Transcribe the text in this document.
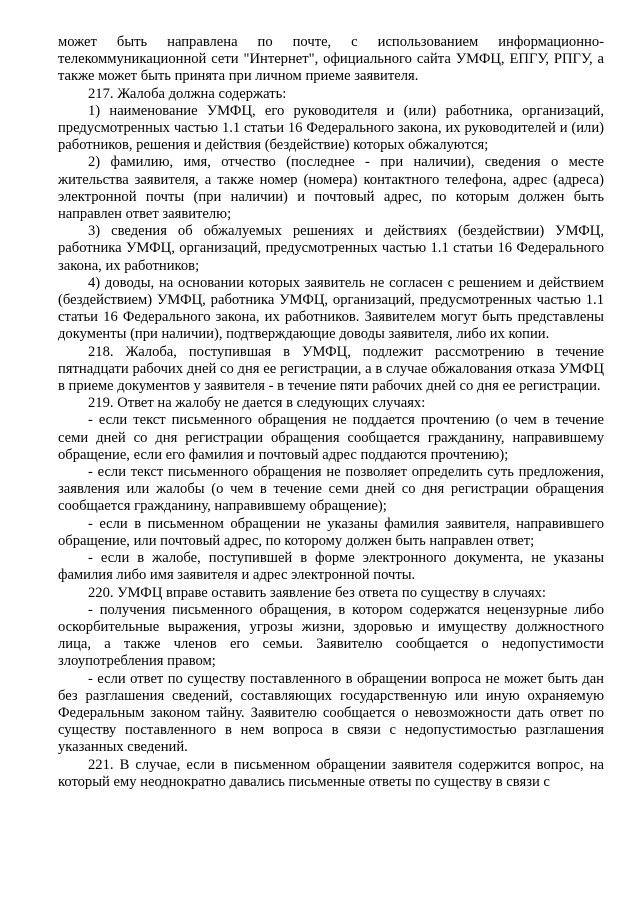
может быть направлена по почте, с использованием информационно-телекоммуникационной сети "Интернет", официального сайта УМФЦ, ЕПГУ, РПГУ, а также может быть принята при личном приеме заявителя.

217. Жалоба должна содержать:

1) наименование УМФЦ, его руководителя и (или) работника, организаций, предусмотренных частью 1.1 статьи 16 Федерального закона, их руководителей и (или) работников, решения и действия (бездействие) которых обжалуются;

2) фамилию, имя, отчество (последнее - при наличии), сведения о месте жительства заявителя, а также номер (номера) контактного телефона, адрес (адреса) электронной почты (при наличии) и почтовый адрес, по которым должен быть направлен ответ заявителю;

3) сведения об обжалуемых решениях и действиях (бездействии) УМФЦ, работника УМФЦ, организаций, предусмотренных частью 1.1 статьи 16 Федерального закона, их работников;

4) доводы, на основании которых заявитель не согласен с решением и действием (бездействием) УМФЦ, работника УМФЦ, организаций, предусмотренных частью 1.1 статьи 16 Федерального закона, их работников. Заявителем могут быть представлены документы (при наличии), подтверждающие доводы заявителя, либо их копии.

218. Жалоба, поступившая в УМФЦ, подлежит рассмотрению в течение пятнадцати рабочих дней со дня ее регистрации, а в случае обжалования отказа УМФЦ в приеме документов у заявителя - в течение пяти рабочих дней со дня ее регистрации.

219. Ответ на жалобу не дается в следующих случаях:

- если текст письменного обращения не поддается прочтению (о чем в течение семи дней со дня регистрации обращения сообщается гражданину, направившему обращение, если его фамилия и почтовый адрес поддаются прочтению);

- если текст письменного обращения не позволяет определить суть предложения, заявления или жалобы (о чем в течение семи дней со дня регистрации обращения сообщается гражданину, направившему обращение);

- если в письменном обращении не указаны фамилия заявителя, направившего обращение, или почтовый адрес, по которому должен быть направлен ответ;

- если в жалобе, поступившей в форме электронного документа, не указаны фамилия либо имя заявителя и адрес электронной почты.

220. УМФЦ вправе оставить заявление без ответа по существу в случаях:

- получения письменного обращения, в котором содержатся нецензурные либо оскорбительные выражения, угрозы жизни, здоровью и имуществу должностного лица, а также членов его семьи. Заявителю сообщается о недопустимости злоупотребления правом;

- если ответ по существу поставленного в обращении вопроса не может быть дан без разглашения сведений, составляющих государственную или иную охраняемую Федеральным законом тайну. Заявителю сообщается о невозможности дать ответ по существу поставленного в нем вопроса в связи с недопустимостью разглашения указанных сведений.

221. В случае, если в письменном обращении заявителя содержится вопрос, на который ему неоднократно давались письменные ответы по существу в связи с
